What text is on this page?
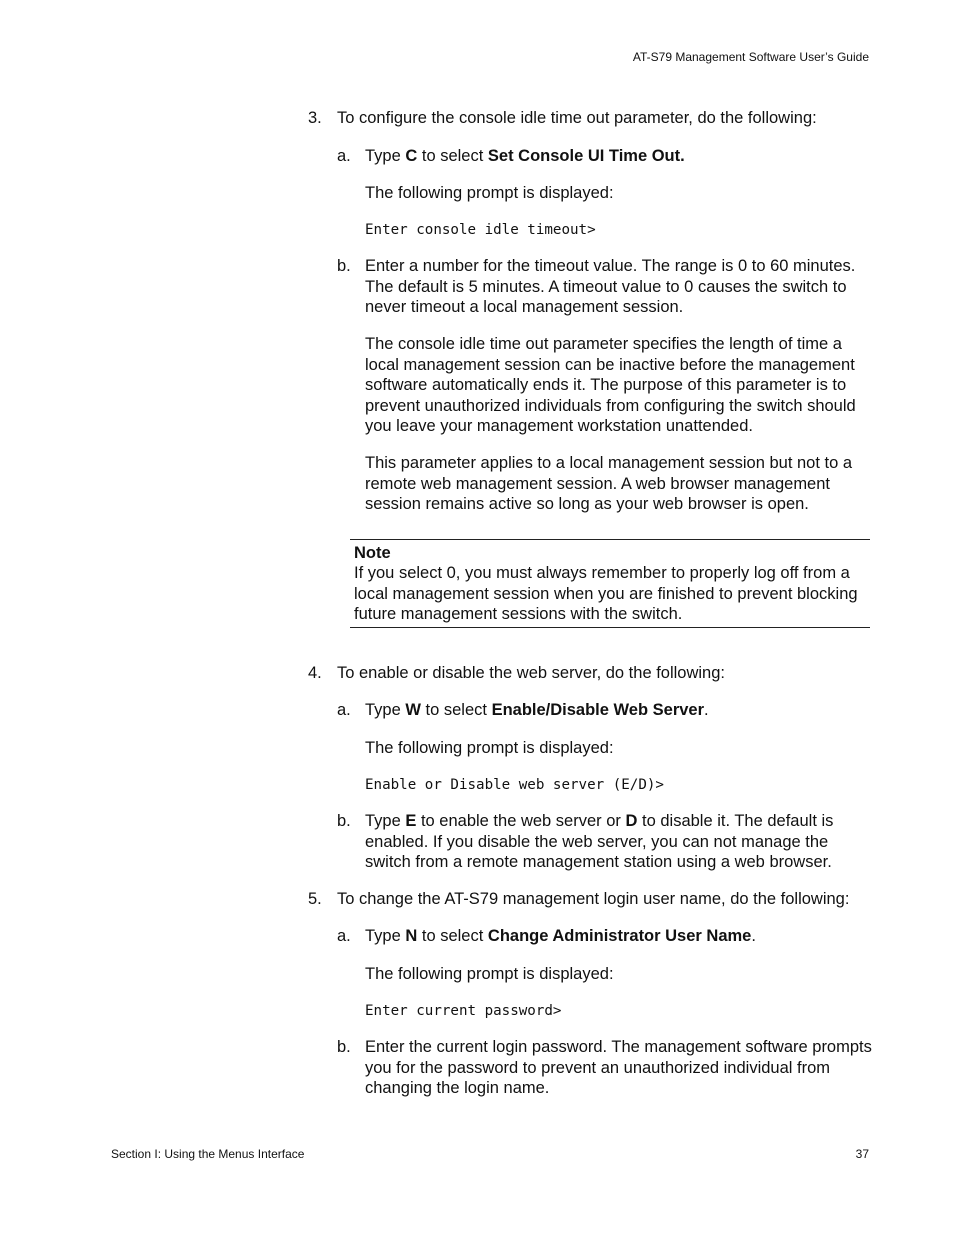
AT-S79 Management Software User’s Guide
3. To configure the console idle time out parameter, do the following:
a. Type C to select Set Console UI Time Out.
The following prompt is displayed:
Enter console idle timeout>
b. Enter a number for the timeout value. The range is 0 to 60 minutes. The default is 5 minutes. A timeout value to 0 causes the switch to never timeout a local management session.
The console idle time out parameter specifies the length of time a local management session can be inactive before the management software automatically ends it. The purpose of this parameter is to prevent unauthorized individuals from configuring the switch should you leave your management workstation unattended.
This parameter applies to a local management session but not to a remote web management session. A web browser management session remains active so long as your web browser is open.
Note
If you select 0, you must always remember to properly log off from a local management session when you are finished to prevent blocking future management sessions with the switch.
4. To enable or disable the web server, do the following:
a. Type W to select Enable/Disable Web Server.
The following prompt is displayed:
Enable or Disable web server (E/D)>
b. Type E to enable the web server or D to disable it. The default is enabled. If you disable the web server, you can not manage the switch from a remote management station using a web browser.
5. To change the AT-S79 management login user name, do the following:
a. Type N to select Change Administrator User Name.
The following prompt is displayed:
Enter current password>
b. Enter the current login password. The management software prompts you for the password to prevent an unauthorized individual from changing the login name.
Section I: Using the Menus Interface	37
